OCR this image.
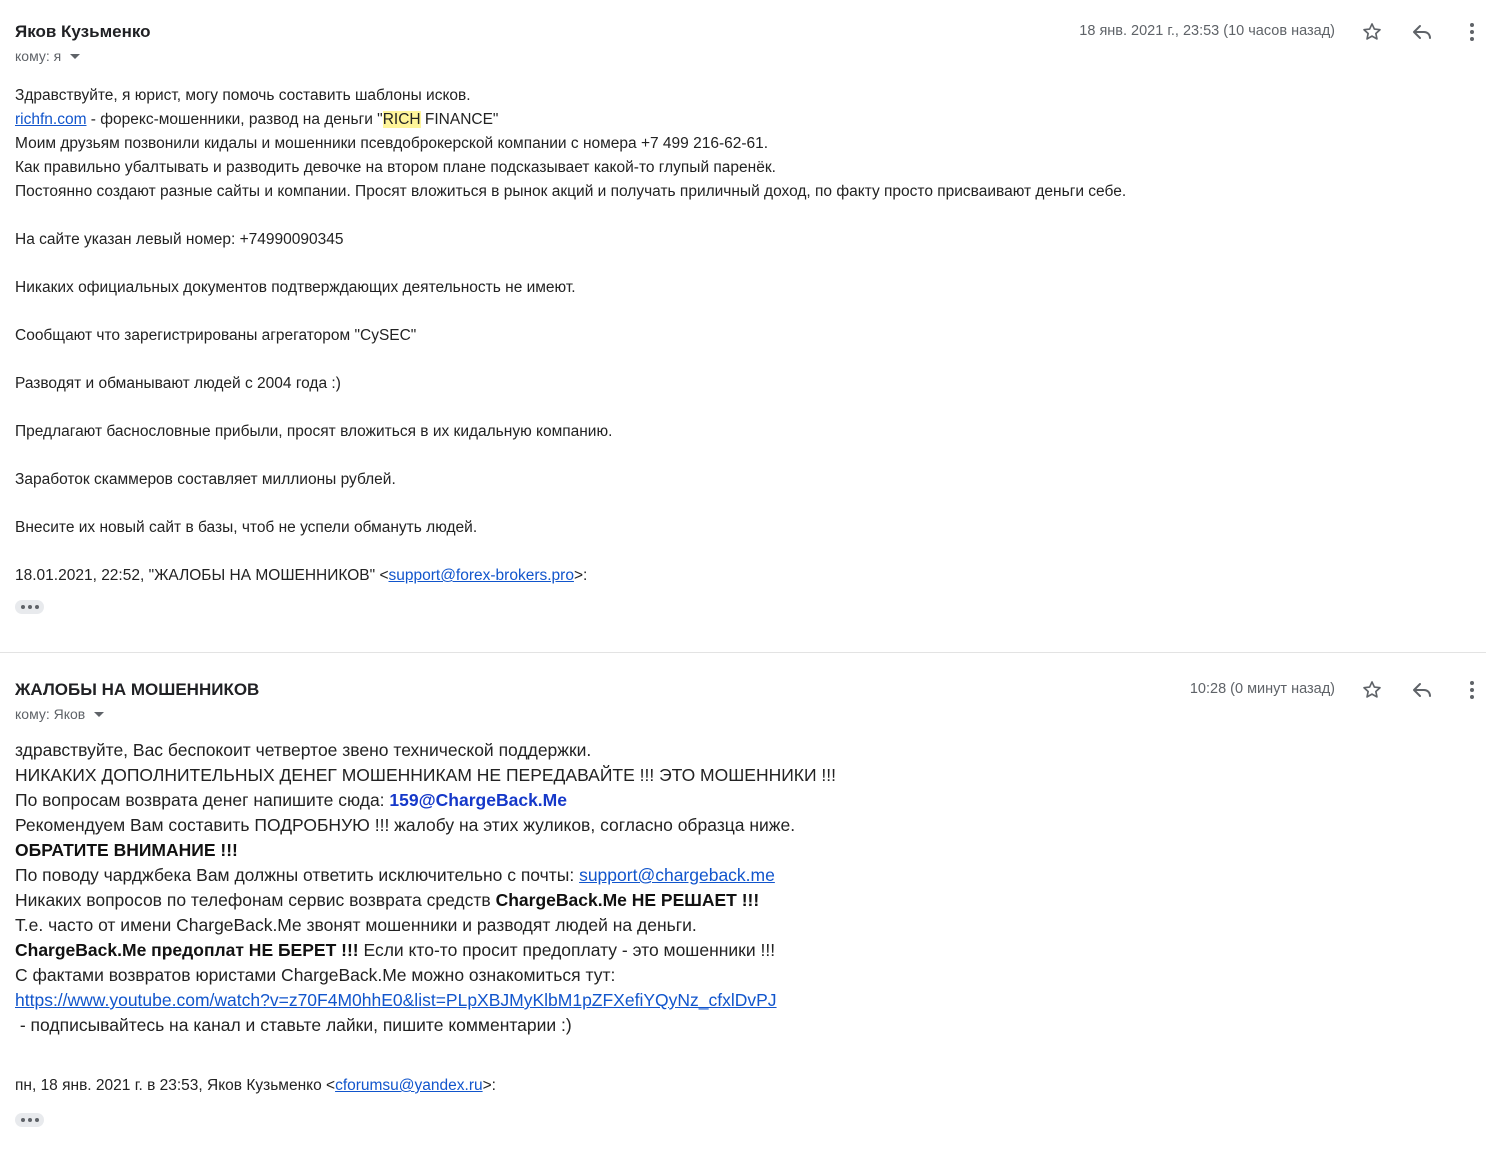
Яков Кузьменко
кому: я
18 янв. 2021 г., 23:53 (10 часов назад)
Здравствуйте, я юрист, могу помочь составить шаблоны исков.
richfn.com - форекс-мошенники, развод на деньги "RICH FINANCE"
Моим друзьям позвонили кидалы и мошенники псевдоброкерской компании с номера +7 499 216-62-61.
Как правильно убалтывать и разводить девочке на втором плане подсказывает какой-то глупый паренёк.
Постоянно создают разные сайты и компании. Просят вложиться в рынок акций и получать приличный доход, по факту просто присваивают деньги себе.
На сайте указан левый номер: +74990090345
Никаких официальных документов подтверждающих деятельность не имеют.
Сообщают что зарегистрированы агрегатором "CySEC"
Разводят и обманывают людей с 2004 года :)
Предлагают баснословные прибыли, просят вложиться в их кидальную компанию.
Заработок скаммеров составляет миллионы рублей.
Внесите их новый сайт в базы, чтоб не успели обмануть людей.
18.01.2021, 22:52, "ЖАЛОБЫ НА МОШЕННИКОВ" <support@forex-brokers.pro>:
ЖАЛОБЫ НА МОШЕННИКОВ
кому: Яков
10:28 (0 минут назад)
здравствуйте, Вас беспокоит четвертое звено технической поддержки.
НИКАКИХ ДОПОЛНИТЕЛЬНЫХ ДЕНЕГ МОШЕННИКАМ НЕ ПЕРЕДАВАЙТЕ !!! ЭТО МОШЕННИКИ !!!
По вопросам возврата денег напишите сюда: 159@ChargeBack.Me
Рекомендуем Вам составить ПОДРОБНУЮ !!! жалобу на этих жуликов, согласно образца ниже.
ОБРАТИТЕ ВНИМАНИЕ !!!
По поводу чарджбека Вам должны ответить исключительно с почты: support@chargeback.me
Никаких вопросов по телефонам сервис возврата средств ChargeBack.Me НЕ РЕШАЕТ !!!
Т.е. часто от имени ChargeBack.Me звонят мошенники и разводят людей на деньги.
ChargeBack.Me предоплат НЕ БЕРЕТ !!! Если кто-то просит предоплату - это мошенники !!!
С фактами возвратов юристами ChargeBack.Me можно ознакомиться тут:
https://www.youtube.com/watch?v=z70F4M0hhE0&list=PLpXBJMyKlbM1pZFXefiYQyNz_cfxlDvPJ
- подписывайтесь на канал и ставьте лайки, пишите комментарии :)
пн, 18 янв. 2021 г. в 23:53, Яков Кузьменко <cforumsu@yandex.ru>:
